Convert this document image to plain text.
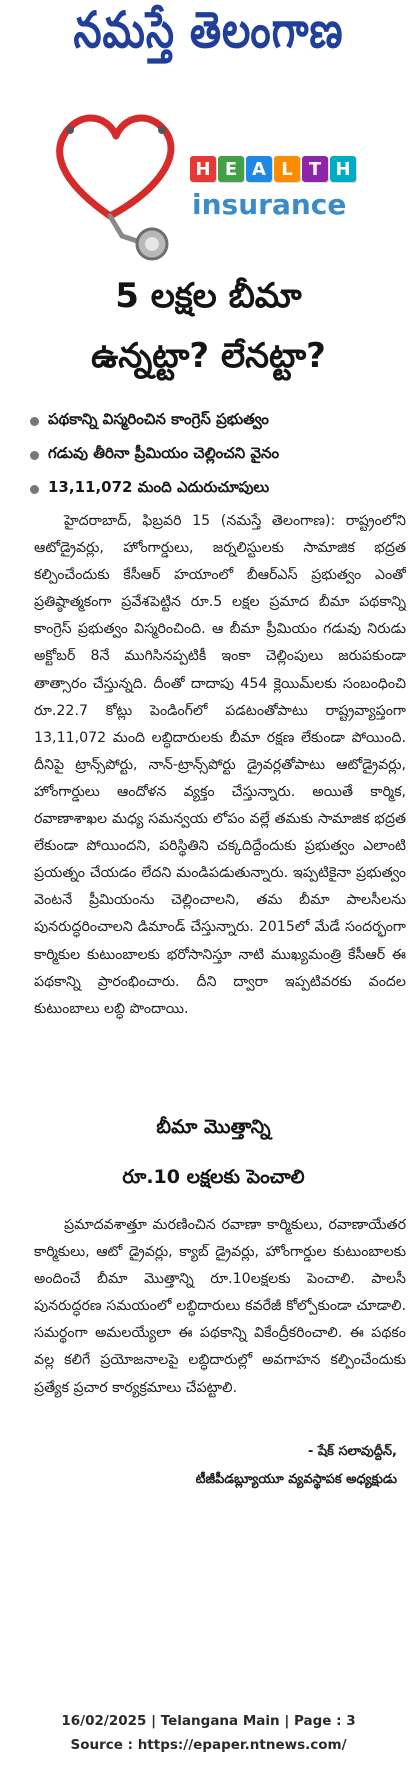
నమస్తే తెలంగాణ
H E A L T H
insurance
5 లక్షల బీమా
ఉన్నట్టా? లేనట్టా?
పథకాన్ని విస్మరించిన కాంగ్రెస్ ప్రభుత్వం
గడువు తీరినా ప్రీమియం చెల్లించని వైనం
13,11,072 మంది ఎదురుచూపులు
హైదరాబాద్, ఫిబ్రవరి 15 (నమస్తే తెలంగాణ): రాష్ట్రంలోని ఆటోడ్రైవర్లు, హోంగార్డులు, జర్నలిస్టులకు సామాజిక భద్రత కల్పించేందుకు కేసీఆర్ హయాంలో బీఆర్ఎస్ ప్రభుత్వం ఎంతో ప్రతిష్ఠాత్మకంగా ప్రవేశపెట్టిన రూ.5 లక్షల ప్రమాద బీమా పథకాన్ని కాంగ్రెస్ ప్రభుత్వం విస్మరించింది. ఆ బీమా ప్రీమియం గడువు నిరుడు అక్టోబర్ 8నే ముగిసినప్పటికీ ఇంకా చెల్లింపులు జరుపకుండా తాత్సారం చేస్తున్నది. దీంతో దాదాపు 454 క్లెయిమ్‌లకు సంబంధించి రూ.22.7 కోట్లు పెండింగ్‌లో పడటంతోపాటు రాష్ట్రవ్యాప్తంగా 13,11,072 మంది లబ్ధిదారులకు బీమా రక్షణ లేకుండా పోయింది. దీనిపై ట్రాన్స్‌పోర్టు, నాన్-ట్రాన్స్‌పోర్టు డ్రైవర్లతోపాటు ఆటోడ్రైవర్లు, హోంగార్డులు ఆందోళన వ్యక్తం చేస్తున్నారు. అయితే కార్మిక, రవాణాశాఖల మధ్య సమన్వయ లోపం వల్లే తమకు సామాజిక భద్రత లేకుండా పోయిందని, పరిస్థితిని చక్కదిద్దేందుకు ప్రభుత్వం ఎలాంటి ప్రయత్నం చేయడం లేదని మండిపడుతున్నారు. ఇప్పటికైనా ప్రభుత్వం వెంటనే ప్రీమియంను చెల్లించాలని, తమ బీమా పాలసీలను పునరుద్ధరించాలని డిమాండ్ చేస్తున్నారు. 2015లో మేడే సందర్భంగా కార్మికుల కుటుంబాలకు భరోసానిస్తూ నాటి ముఖ్యమంత్రి కేసీఆర్ ఈ పథకాన్ని ప్రారంభించారు. దీని ద్వారా ఇప్పటివరకు వందల కుటుంబాలు లబ్ధి పొందాయి.
బీమా మొత్తాన్ని
రూ.10 లక్షలకు పెంచాలి
ప్రమాదవశాత్తూ మరణించిన రవాణా కార్మికులు, రవాణాయేతర కార్మికులు, ఆటో డ్రైవర్లు, క్యాబ్ డ్రైవర్లు, హోంగార్డుల కుటుంబాలకు అందించే బీమా మొత్తాన్ని రూ.10లక్షలకు పెంచాలి. పాలసీ పునరుద్ధరణ సమయంలో లబ్ధిదారులు కవరేజీ కోల్పోకుండా చూడాలి. సమర్థంగా అమలయ్యేలా ఈ పథకాన్ని వికేంద్రీకరించాలి. ఈ పథకం వల్ల కలిగే ప్రయోజనాలపై లబ్ధిదారుల్లో అవగాహన కల్పించేందుకు ప్రత్యేక ప్రచార కార్యక్రమాలు చేపట్టాలి.
- షేక్ సలావుద్దీన్,
టీజీపీడబ్ల్యూయూ వ్యవస్థాపక అధ్యక్షుడు
16/02/2025 | Telangana Main | Page : 3
Source : https://epaper.ntnews.com/
